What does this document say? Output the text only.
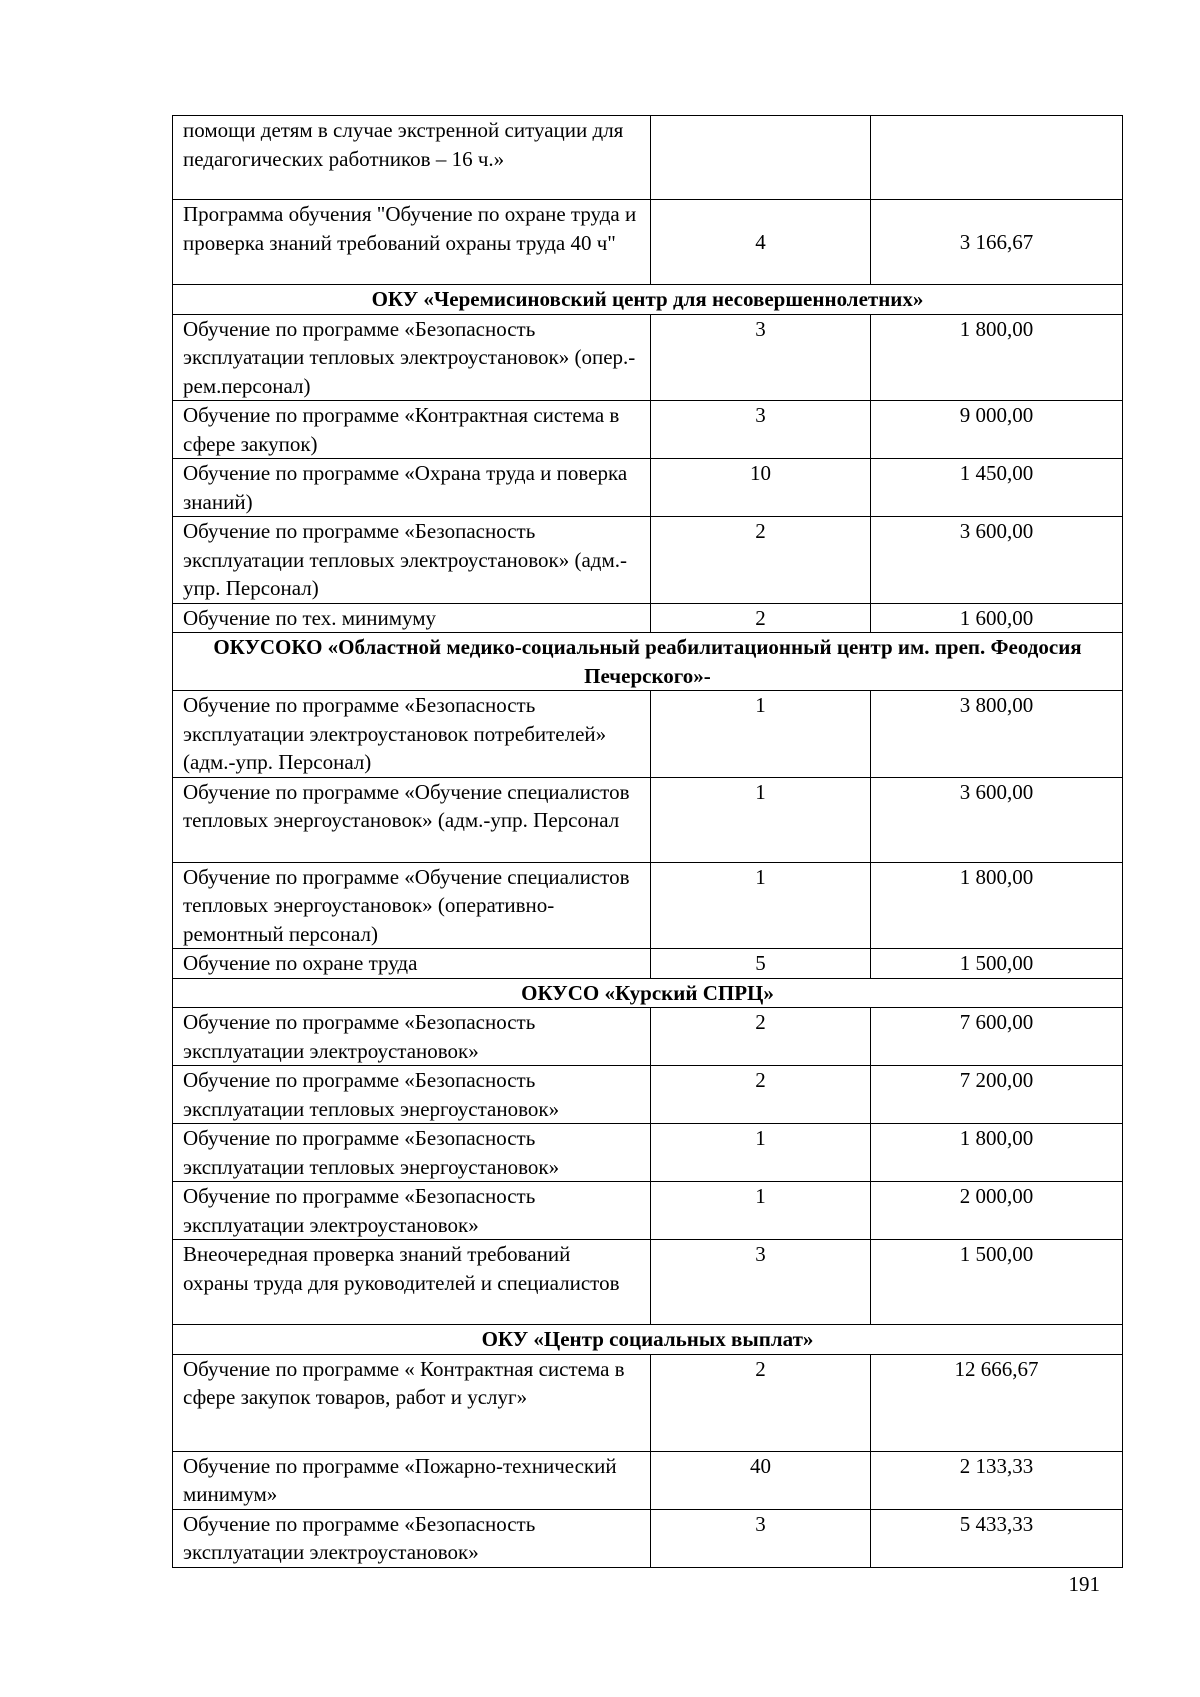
помощи детям в случае экстренной ситуации для педагогических работников – 16 ч.»		
Программа обучения "Обучение по охране труда и проверка знаний требований охраны труда 40 ч"	4	3 166,67
ОКУ «Черемисиновский центр для несовершеннолетних»		
Обучение по программе «Безопасность эксплуатации тепловых электроустановок» (опер.-рем.персонал)	3	1 800,00
Обучение по программе «Контрактная система в сфере закупок)	3	9 000,00
Обучение по программе «Охрана труда и поверка знаний)	10	1 450,00
Обучение по программе «Безопасность эксплуатации тепловых электроустановок» (адм.-упр. Персонал)	2	3 600,00
Обучение по тех. минимуму	2	1 600,00
ОКУСОКО «Областной медико-социальный реабилитационный центр им. преп. Феодосия Печерского»-		
Обучение по программе «Безопасность эксплуатации электроустановок потребителей» (адм.-упр. Персонал)	1	3 800,00
Обучение по программе «Обучение специалистов тепловых энергоустановок» (адм.-упр. Персонал	1	3 600,00
Обучение по программе «Обучение специалистов тепловых энергоустановок» (оперативно-ремонтный персонал)	1	1 800,00
Обучение по охране труда	5	1 500,00
ОКУСО «Курский СПРЦ»		
Обучение по программе «Безопасность эксплуатации электроустановок»	2	7 600,00
Обучение по программе «Безопасность эксплуатации тепловых энергоустановок»	2	7 200,00
Обучение по программе «Безопасность эксплуатации тепловых энергоустановок»	1	1 800,00
Обучение по программе «Безопасность эксплуатации электроустановок»	1	2 000,00
Внеочередная проверка знаний требований охраны труда для руководителей и специалистов	3	1 500,00
ОКУ «Центр социальных выплат»		
Обучение по программе « Контрактная система в сфере закупок товаров, работ и услуг»	2	12 666,67
Обучение по программе «Пожарно-технический минимум»	40	2 133,33
Обучение по программе «Безопасность эксплуатации электроустановок»	3	5 433,33
191
